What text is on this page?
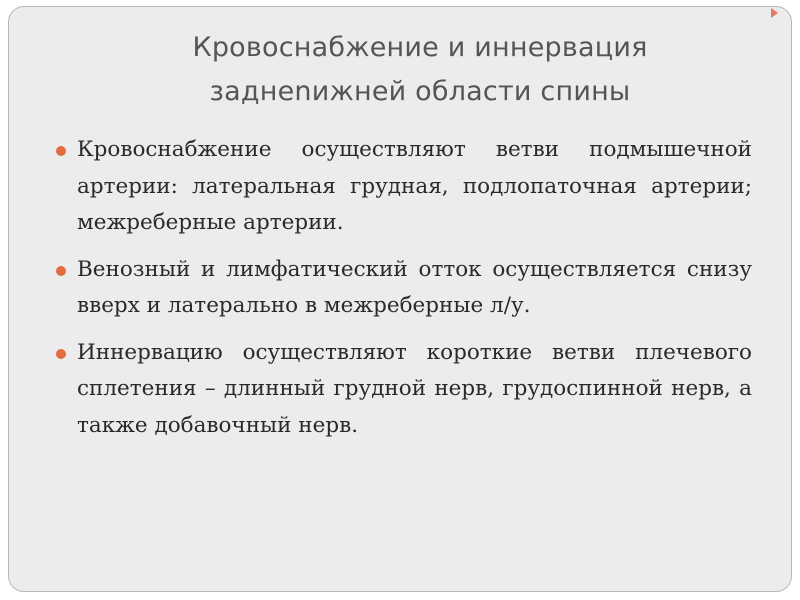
Кровоснабжение и иннервация
заднenижней области спины
Кровоснабжение осуществляют ветви подмышечной артерии: латеральная грудная, подлопаточная артерии; межреберные артерии.
Венозный и лимфатический отток осуществляется снизу вверх и латерально в межреберные л/у.
Иннервацию осуществляют короткие ветви плечевого сплетения – длинный грудной нерв, грудоспинной нерв, а также добавочный нерв.
